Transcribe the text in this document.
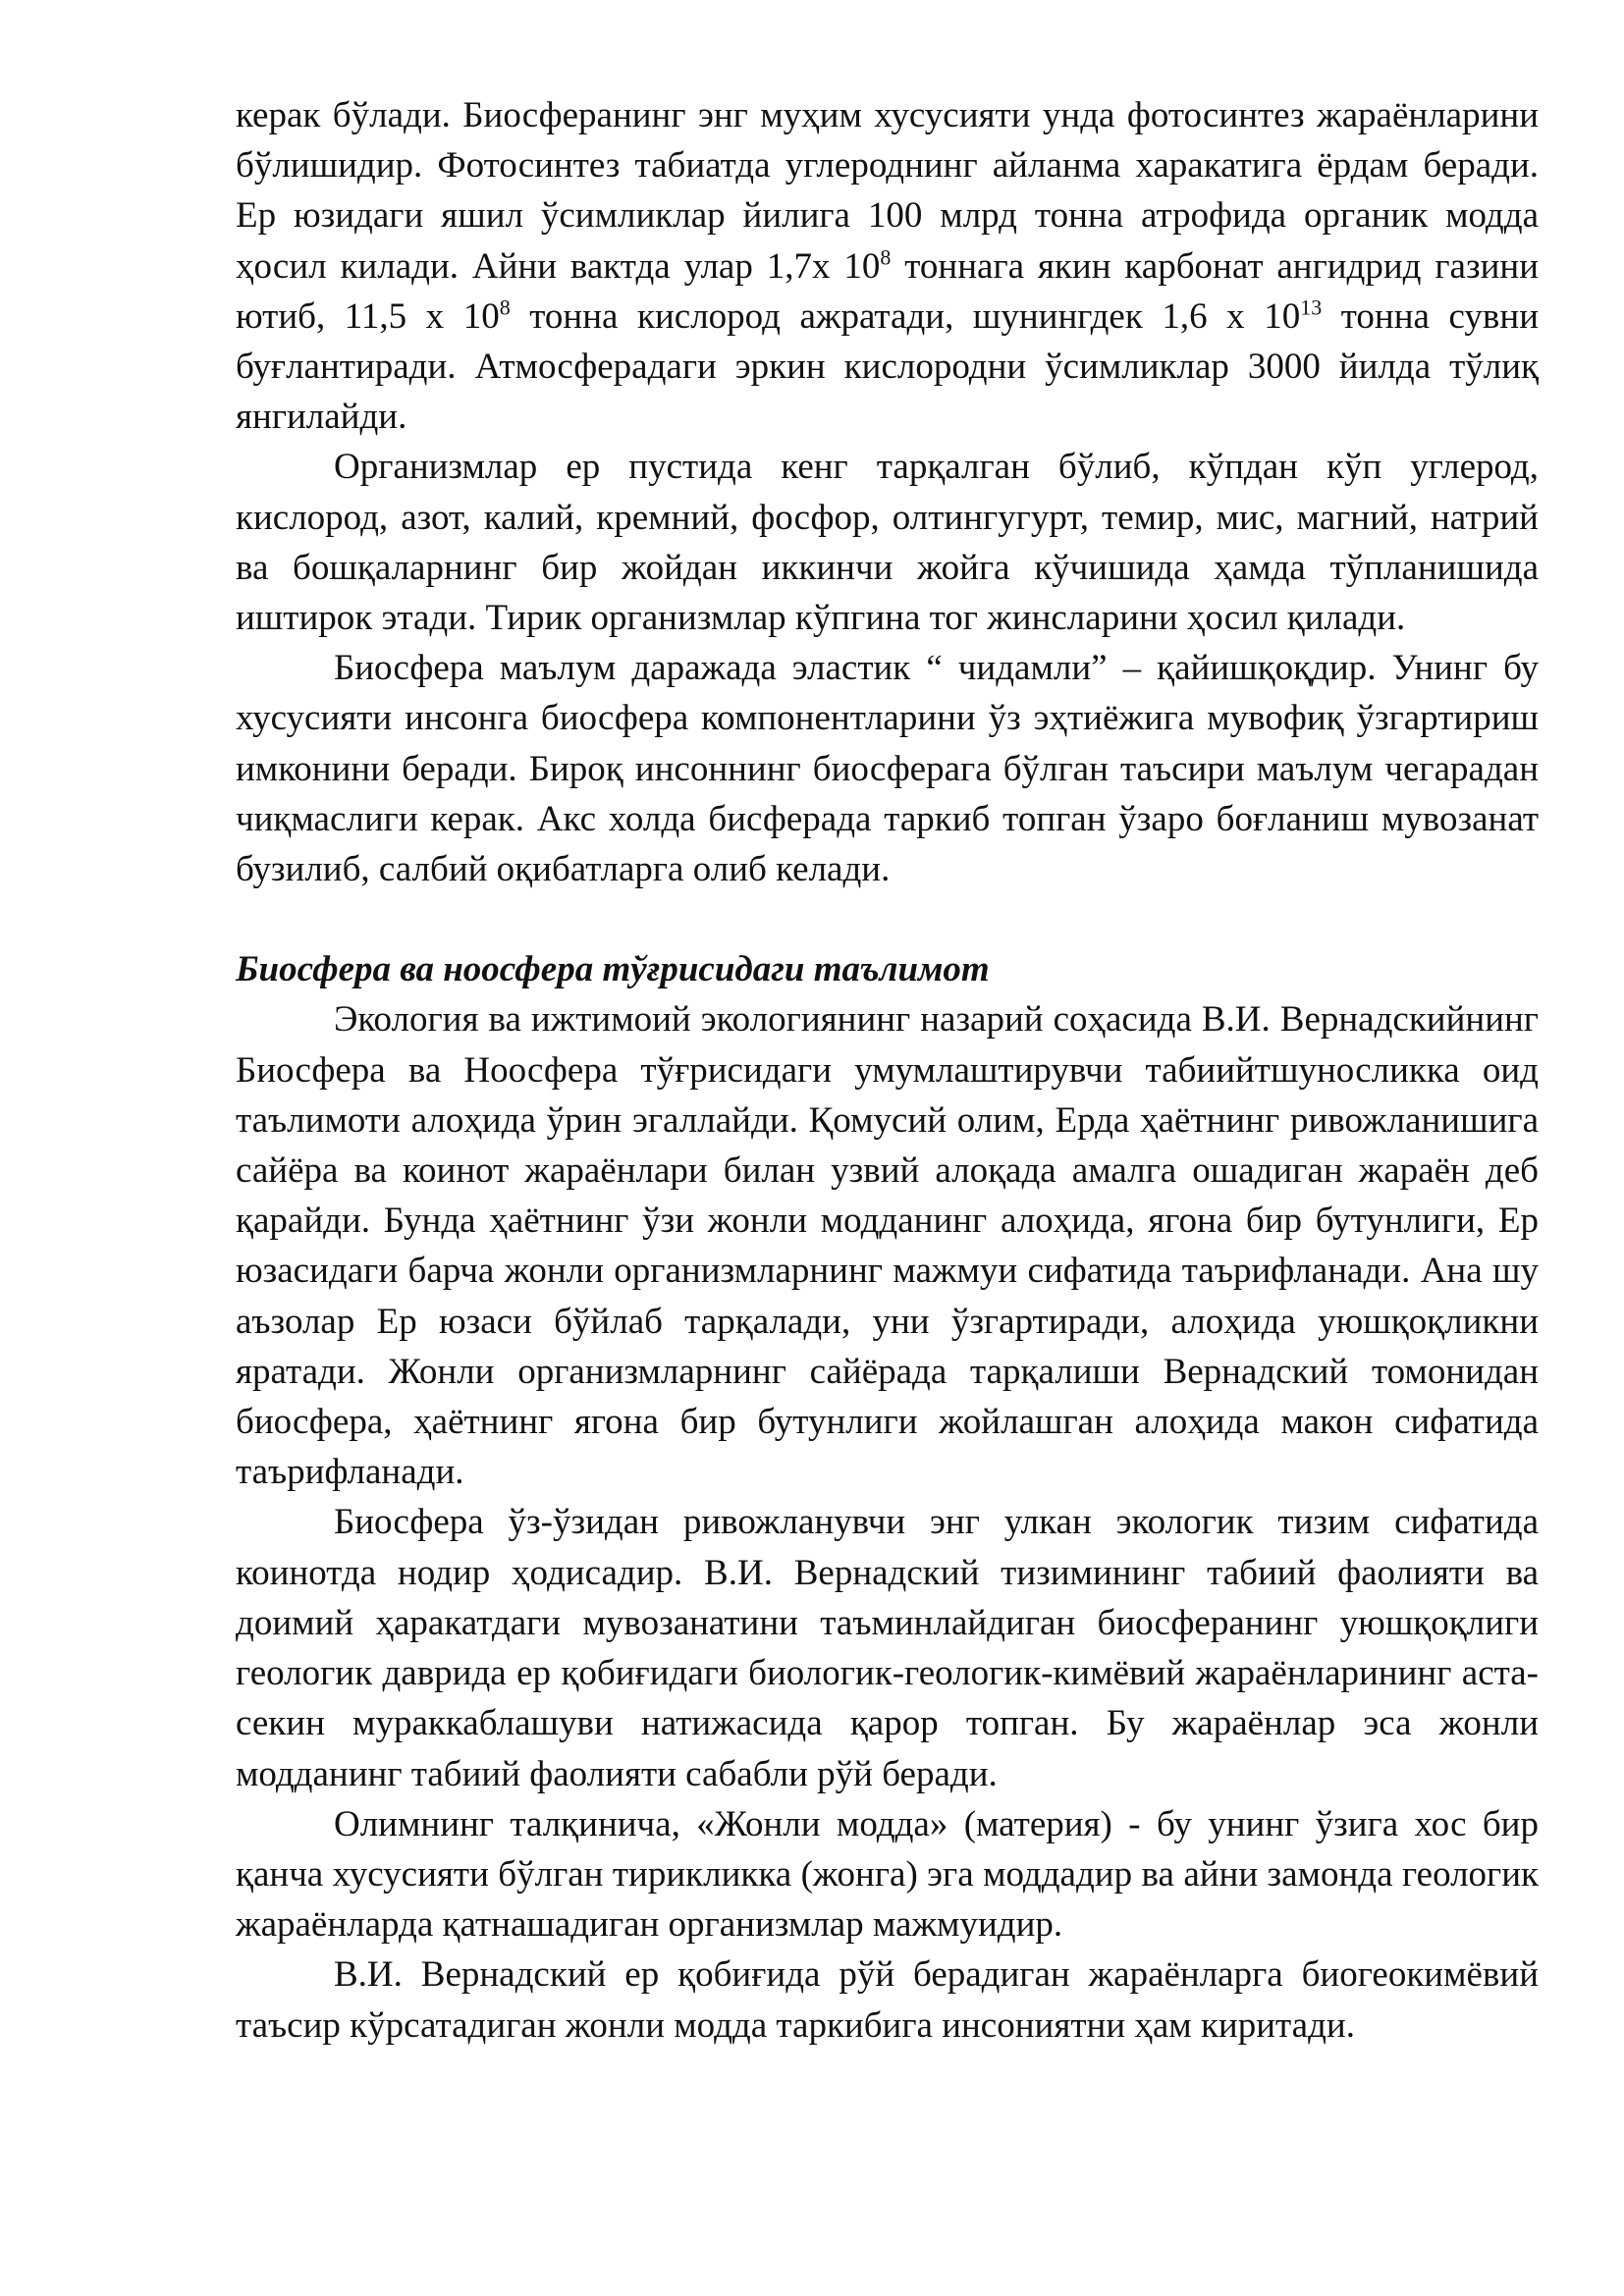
керак бўлади. Биосферанинг энг муҳим хусусияти унда фотосинтез жараёнларини бўлишидир. Фотосинтез табиатда углероднинг айланма харакатига ёрдам беради. Ер юзидаги яшил ўсимликлар йилига 100 млрд тонна атрофида органик модда ҳосил килади. Айни вактда улар 1,7х $10^8$ тоннага якин карбонат ангидрид газини ютиб, 11,5 х $10^8$ тонна кислород ажратади, шунингдек 1,6 х $10^{13}$ тонна сувни буғлантиради. Атмосферадаги эркин кислородни ўсимликлар 3000 йилда тўлиқ янгилайди.

Организмлар ер пустида кенг тарқалган бўлиб, кўпдан кўп углерод, кислород, азот, калий, кремний, фосфор, олтингугурт, темир, мис, магний, натрий ва бошқаларнинг бир жойдан иккинчи жойга кўчишида ҳамда тўпланишида иштирок этади. Тирик организмлар кўпгина тог жинсларини ҳосил қилади.

Биосфера маълум даражада эластик “ чидамли” – қайишқоқдир. Унинг бу хусусияти инсонга биосфера компонентларини ўз эҳтиёжига мувофиқ ўзгартириш имконини беради. Бироқ инсоннинг биосферага бўлган таъсири маълум чегарадан чиқмаслиги керак. Акс холда бисферада таркиб топган ўзаро боғланиш мувозанат бузилиб, салбий оқибатларга олиб келади.

Биосфера ва ноосфера тўғрисидаги таълимот

Экология ва ижтимоий экологиянинг назарий соҳасида В.И. Вернадскийнинг Биосфера ва Ноосфера тўғрисидаги умумлаштирувчи табиийтшуносликка оид таълимоти алоҳида ўрин эгаллайди. Қомусий олим, Ерда ҳаётнинг ривожланишига сайёра ва коинот жараёнлари билан узвий алоқада амалга ошадиган жараён деб қарайди. Бунда ҳаётнинг ўзи жонли модданинг алоҳида, ягона бир бутунлиги, Ер юзасидаги барча жонли организмларнинг мажмуи сифатида таърифланади. Ана шу аъзолар Ер юзаси бўйлаб тарқалади, уни ўзгартиради, алоҳида уюшқоқликни яратади. Жонли организмларнинг сайёрада тарқалиши Вернадский томонидан биосфера, ҳаётнинг ягона бир бутунлиги жойлашган алоҳида макон сифатида таърифланади.

Биосфера ўз-ўзидан ривожланувчи энг улкан экологик тизим сифатида коинотда нодир ҳодисадир. В.И. Вернадский тизимининг табиий фаолияти ва доимий ҳаракатдаги мувозанатини таъминлайдиган биосферанинг уюшқоқлиги геологик даврида ер қобиғидаги биологик-геологик-кимёвий жараёнларининг аста-секин мураккаблашуви натижасида қарор топган. Бу жараёнлар эса жонли модданинг табиий фаолияти сабабли рўй беради.

Олимнинг талқинича, «Жонли модда» (материя) - бу унинг ўзига хос бир қанча хусусияти бўлган тирикликка (жонга) эга моддадир ва айни замонда геологик жараёнларда қатнашадиган организмлар мажмуидир.

В.И. Вернадский ер қобиғида рўй берадиган жараёнларга биогеокимёвий таъсир кўрсатадиган жонли модда таркибига инсониятни ҳам киритади.
